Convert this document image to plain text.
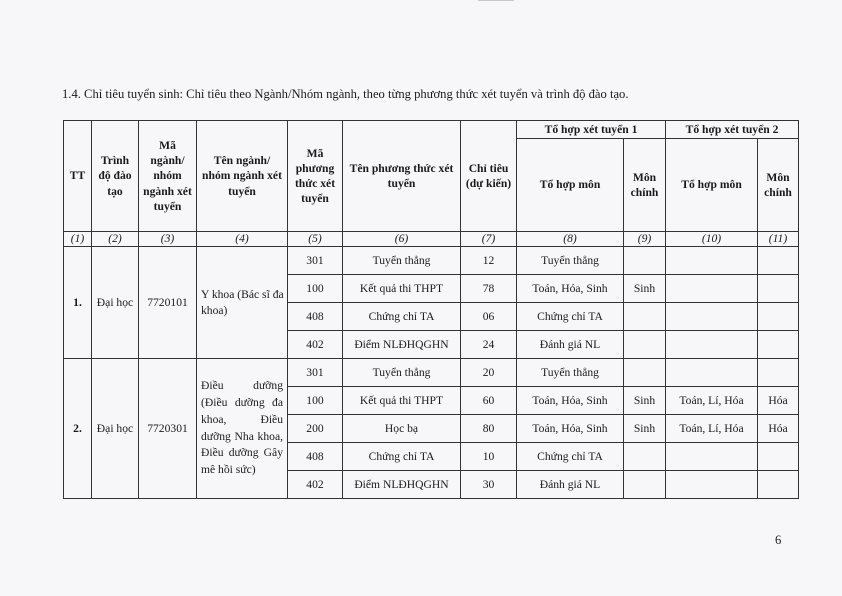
1.4. Chỉ tiêu tuyển sinh: Chỉ tiêu theo Ngành/Nhóm ngành, theo từng phương thức xét tuyển và trình độ đào tạo.
TT	Trình độ đào tạo	Mã ngành/ nhóm ngành xét tuyển	Tên ngành/ nhóm ngành xét tuyển	Mã phương thức xét tuyển	Tên phương thức xét tuyển	Chỉ tiêu (dự kiến)	Tổ hợp xét tuyển 1		Tổ hợp xét tuyển 2	
							Tổ hợp môn	Môn chính	Tổ hợp môn	Môn chính
(1)	(2)	(3)	(4)	(5)	(6)	(7)	(8)	(9)	(10)	(11)
1.	Đại học	7720101	Y khoa (Bác sĩ đa khoa)	301	Tuyển thẳng	12	Tuyển thẳng			
				100	Kết quả thi THPT	78	Toán, Hóa, Sinh	Sinh		
				408	Chứng chỉ TA	06	Chứng chỉ TA			
				402	Điểm NLĐHQGHN	24	Đánh giá NL			
2.	Đại học	7720301	Điều dưỡng (Điều dưỡng đa khoa, Điều dưỡng Nha khoa, Điều dưỡng Gây mê hồi sức)	301	Tuyển thẳng	20	Tuyển thẳng			
				100	Kết quả thi THPT	60	Toán, Hóa, Sinh	Sinh	Toán, Lí, Hóa	Hóa
				200	Học bạ	80	Toán, Hóa, Sinh	Sinh	Toán, Lí, Hóa	Hóa
				408	Chứng chỉ TA	10	Chứng chỉ TA			
				402	Điểm NLĐHQGHN	30	Đánh giá NL			
6
